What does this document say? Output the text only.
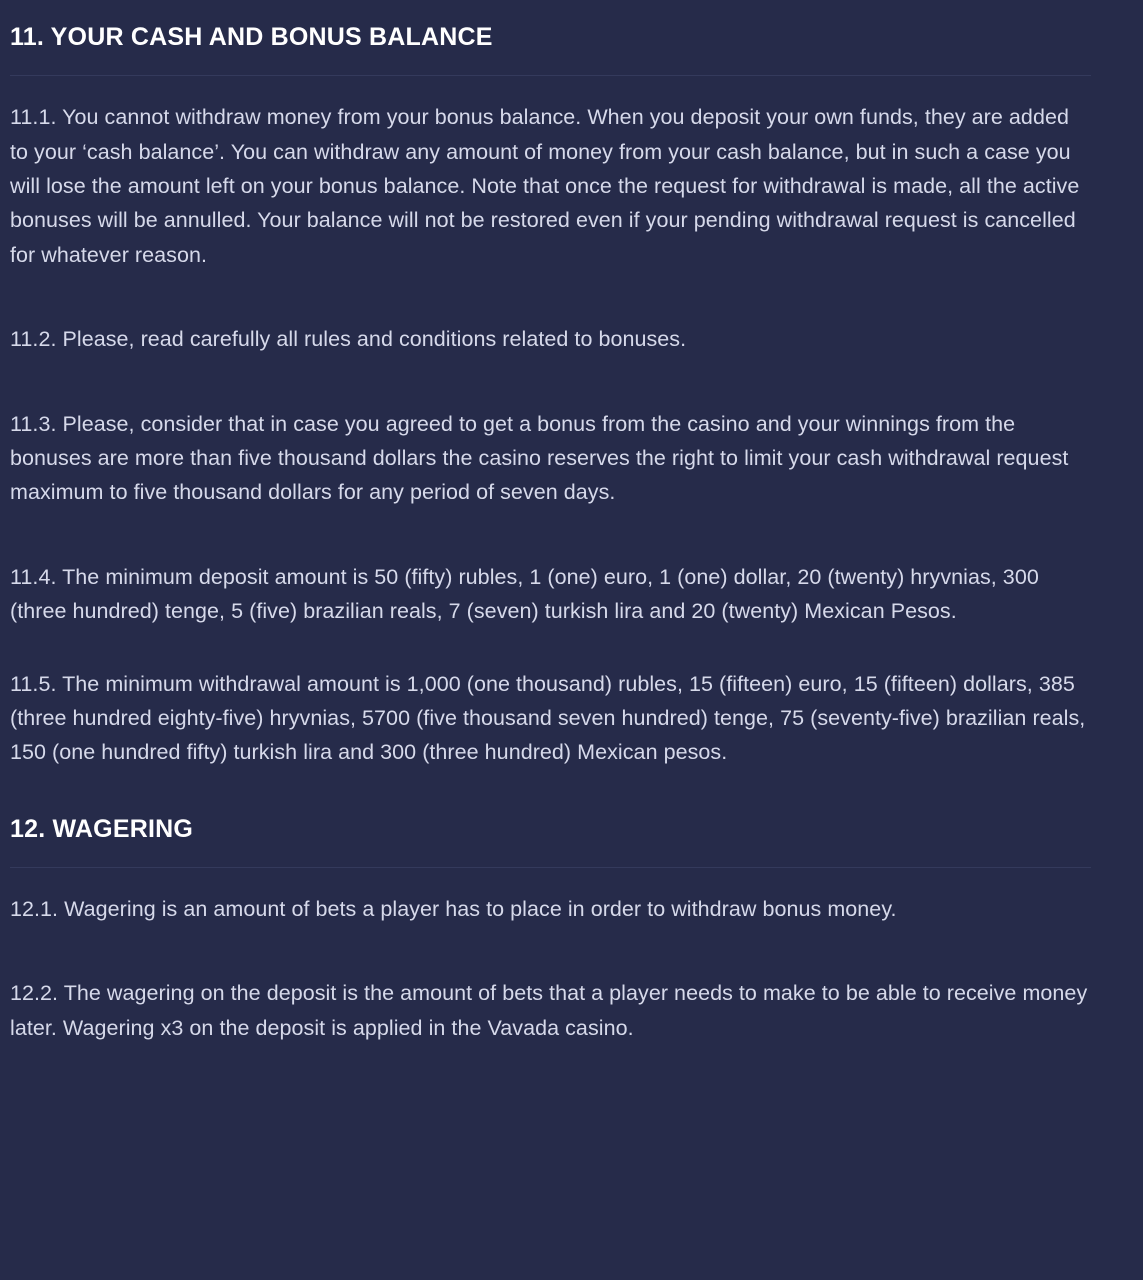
11. YOUR CASH AND BONUS BALANCE

11.1. You cannot withdraw money from your bonus balance. When you deposit your own funds, they are added to your ‘cash balance’. You can withdraw any amount of money from your cash balance, but in such a case you will lose the amount left on your bonus balance. Note that once the request for withdrawal is made, all the active bonuses will be annulled. Your balance will not be restored even if your pending withdrawal request is cancelled for whatever reason.

11.2. Please, read carefully all rules and conditions related to bonuses.

11.3. Please, consider that in case you agreed to get a bonus from the casino and your winnings from the bonuses are more than five thousand dollars the casino reserves the right to limit your cash withdrawal request maximum to five thousand dollars for any period of seven days.

11.4. The minimum deposit amount is 50 (fifty) rubles, 1 (one) euro, 1 (one) dollar, 20 (twenty) hryvnias, 300 (three hundred) tenge, 5 (five) brazilian reals, 7 (seven) turkish lira and 20 (twenty) Mexican Pesos.

11.5. The minimum withdrawal amount is 1,000 (one thousand) rubles, 15 (fifteen) euro, 15 (fifteen) dollars, 385 (three hundred eighty-five) hryvnias, 5700 (five thousand seven hundred) tenge, 75 (seventy-five) brazilian reals, 150 (one hundred fifty) turkish lira and 300 (three hundred) Mexican pesos.

12. WAGERING

12.1. Wagering is an amount of bets a player has to place in order to withdraw bonus money.

12.2. The wagering on the deposit is the amount of bets that a player needs to make to be able to receive money later. Wagering x3 on the deposit is applied in the Vavada casino.
